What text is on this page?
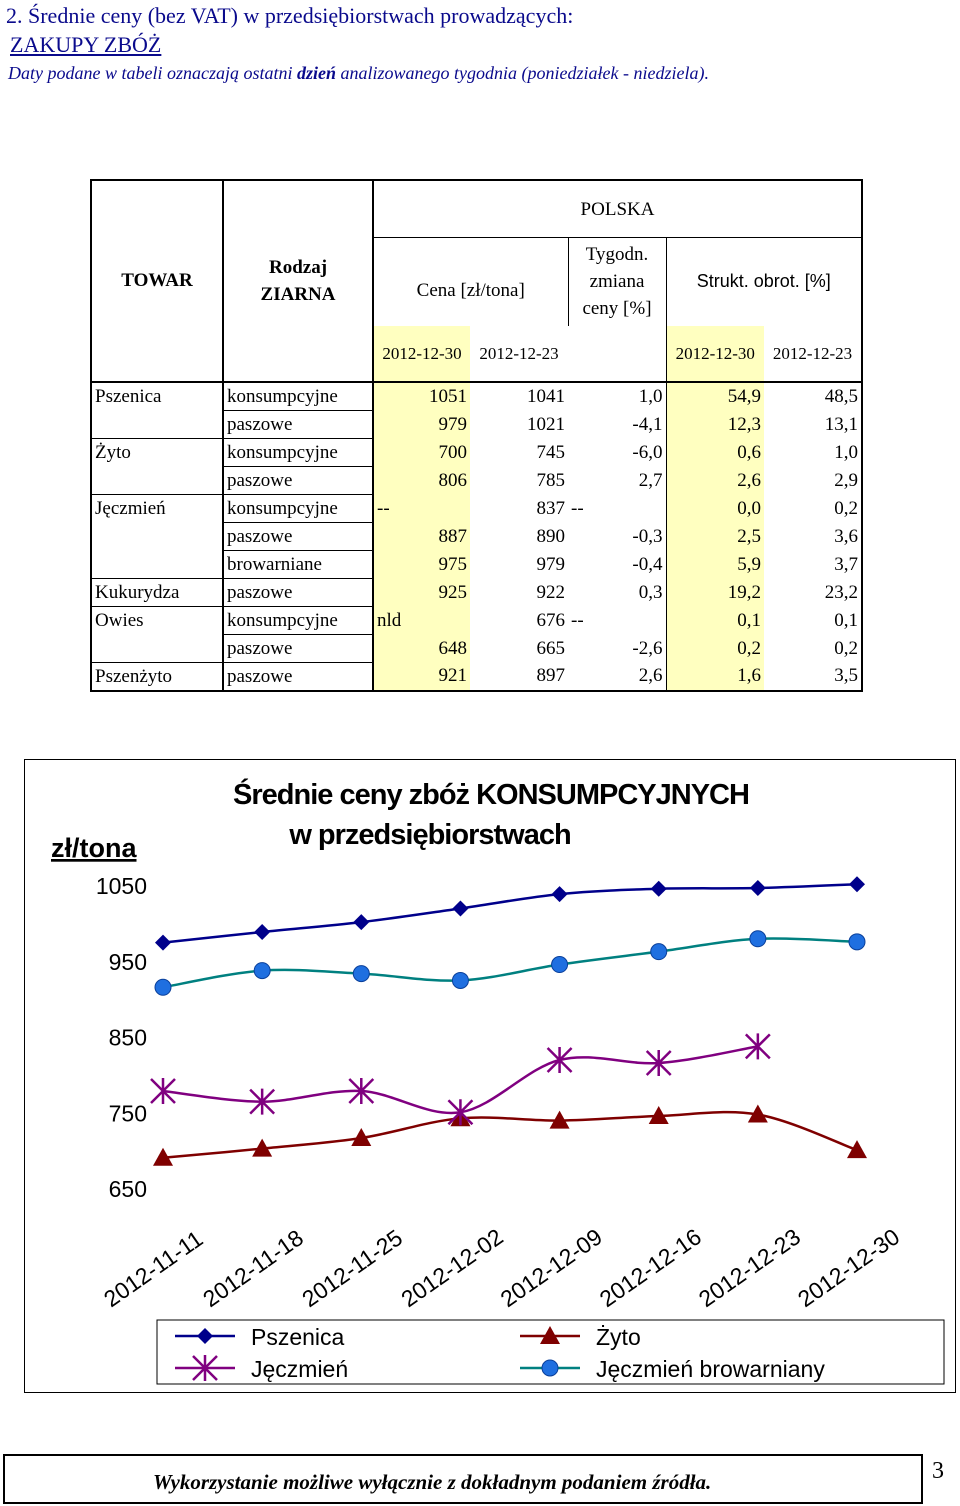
2. Średnie ceny (bez VAT) w przedsiębiorstwach prowadzących:
ZAKUPY ZBÓŻ
Daty podane w tabeli oznaczają ostatni dzień analizowanego tygodnia (poniedziałek - niedziela).
TOWAR	Rodzaj
ZIARNA	POLSKA				
		Cena [zł/tona]		Tygodn.
zmiana
ceny [%]	Strukt. obrot. [%]	
		2012-12-30	2012-12-23		2012-12-30	2012-12-23
Pszenica	konsumpcyjne	1051	1041	1,0	54,9	48,5
	paszowe	979	1021	-4,1	12,3	13,1
Żyto	konsumpcyjne	700	745	-6,0	0,6	1,0
	paszowe	806	785	2,7	2,6	2,9
Jęczmień	konsumpcyjne	--	837	--	0,0	0,2
	paszowe	887	890	-0,3	2,5	3,6
	browarniane	975	979	-0,4	5,9	3,7
Kukurydza	paszowe	925	922	0,3	19,2	23,2
Owies	konsumpcyjne	nld	676	--	0,1	0,1
	paszowe	648	665	-2,6	0,2	0,2
Pszenżyto	paszowe	921	897	2,6	1,6	3,5
Średnie ceny zbóż KONSUMPCYJNYCH
w przedsiębiorstwach
zł/tona
1050
950
850
750
650
2012-11-11
2012-11-18
2012-11-25
2012-12-02
2012-12-09
2012-12-16
2012-12-23
2012-12-30
Pszenica	Żyto
Jęczmień	Jęczmień browarniany
Wykorzystanie możliwe wyłącznie z dokładnym podaniem źródła.	3
